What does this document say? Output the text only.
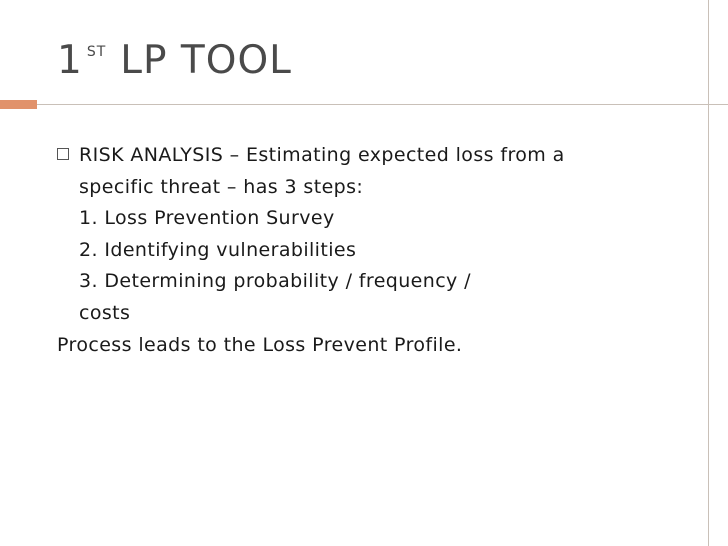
1 $^{ST}$ LP TOOL
RISK ANALYSIS – Estimating expected loss from a
specific threat – has 3 steps:
1. Loss Prevention Survey
2. Identifying vulnerabilities
3. Determining probability / frequency /
costs
Process leads to the Loss Prevent Profile.
